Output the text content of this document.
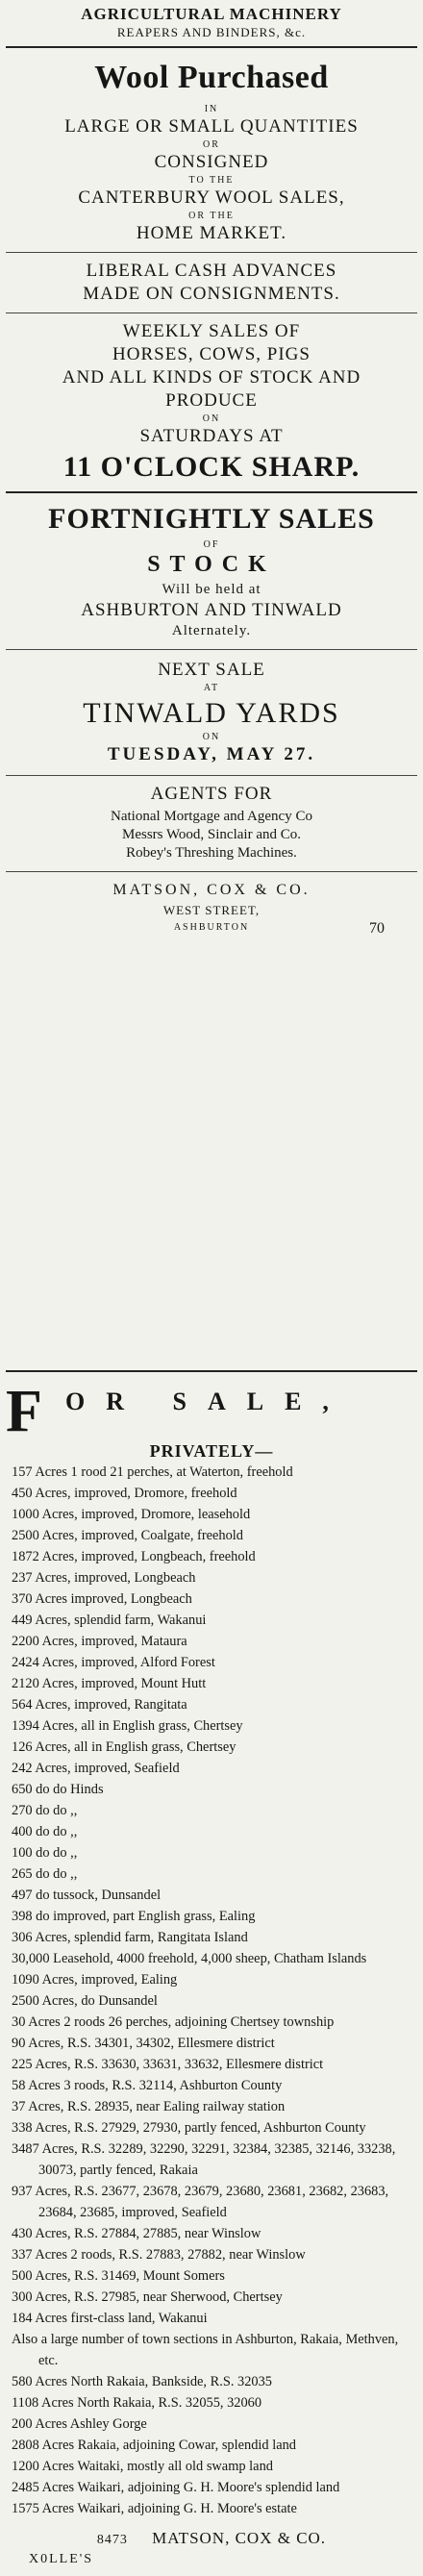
AGRICULTURAL MACHINERY
REAPERS AND BINDERS, &c.
Wool Purchased
IN
LARGE OR SMALL QUANTITIES
OR
CONSIGNED
TO THE
CANTERBURY WOOL SALES,
OR THE
HOME MARKET.
LIBERAL CASH ADVANCES
MADE ON CONSIGNMENTS.
WEEKLY SALES OF
HORSES, COWS, PIGS
AND ALL KINDS OF STOCK AND
PRODUCE
ON
SATURDAYS AT
11 O'CLOCK SHARP.
FORTNIGHTLY SALES
OF
STOCK
Will be held at
ASHBURTON AND TINWALD
Alternately.
NEXT SALE
AT
TINWALD YARDS
ON
TUESDAY, MAY 27.
AGENTS FOR
National Mortgage and Agency Co
Messrs Wood, Sinclair and Co.
Robey's Threshing Machines.
MATSON, COX & CO.
WEST STREET,
ASHBURTON	70
F OR SALE,
PRIVATELY—
157 Acres 1 rood 21 perches, at Waterton, freehold
450 Acres, improved, Dromore, freehold
1000 Acres, improved, Dromore, leasehold
2500 Acres, improved, Coalgate, freehold
1872 Acres, improved, Longbeach, freehold
237 Acres, improved, Longbeach
370 Acres improved, Longbeach
449 Acres, splendid farm, Wakanui
2200 Acres, improved, Mataura
2424 Acres, improved, Alford Forest
2120 Acres, improved, Mount Hutt
564 Acres, improved, Rangitata
1394 Acres, all in English grass, Chertsey
126 Acres, all in English grass, Chertsey
242 Acres, improved, Seafield
650 do do Hinds
270 do do ,,
400 do do ,,
100 do do ,,
265 do do ,,
497 do tussock, Dunsandel
398 do improved, part English grass, Ealing
306 Acres, splendid farm, Rangitata Island
30,000 Leasehold, 4000 freehold, 4,000 sheep, Chatham Islands
1090 Acres, improved, Ealing
2500 Acres, do Dunsandel
30 Acres 2 roods 26 perches, adjoining Chertsey township
90 Acres, R.S. 34301, 34302, Ellesmere district
225 Acres, R.S. 33630, 33631, 33632, Ellesmere district
58 Acres 3 roods, R.S. 32114, Ashburton County
37 Acres, R.S. 28935, near Ealing railway station
338 Acres, R.S. 27929, 27930, partly fenced, Ashburton County
3487 Acres, R.S. 32289, 32290, 32291, 32384, 32385, 32146, 33238, 30073, partly fenced, Rakaia
937 Acres, R.S. 23677, 23678, 23679, 23680, 23681, 23682, 23683, 23684, 23685, improved, Seafield
430 Acres, R.S. 27884, 27885, near Winslow
337 Acres 2 roods, R.S. 27883, 27882, near Winslow
500 Acres, R.S. 31469, Mount Somers
300 Acres, R.S. 27985, near Sherwood, Chertsey
184 Acres first-class land, Wakanui
Also a large number of town sections in Ashburton, Rakaia, Methven, etc.
580 Acres North Rakaia, Bankside, R.S. 32035
1108 Acres North Rakaia, R.S. 32055, 32060
200 Acres Ashley Gorge
2808 Acres Rakaia, adjoining Cowar, splendid land
1200 Acres Waitaki, mostly all old swamp land
2485 Acres Waikari, adjoining G. H. Moore's splendid land
1575 Acres Waikari, adjoining G. H. Moore's estate
8473 MATSON, COX & CO.
X0LLE'S
